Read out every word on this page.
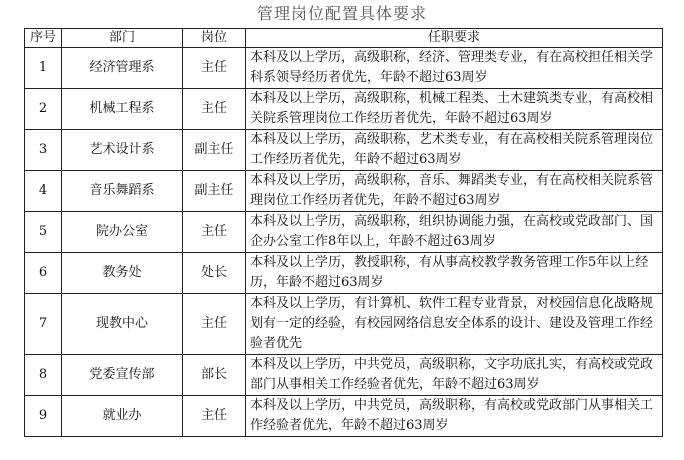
管理岗位配置具体要求
序号	部门	岗位	任职要求
1	经济管理系	主任	本科及以上学历，高级职称，经济、管理类专业，有在高校担任相关学科系领导经历者优先，年龄不超过63周岁
2	机械工程系	主任	本科及以上学历，高级职称，机械工程类、土木建筑类专业，有高校相关院系管理岗位工作经历者优先，年龄不超过63周岁
3	艺术设计系	副主任	本科及以上学历，高级职称，艺术类专业，有在高校相关院系管理岗位工作经历者优先，年龄不超过63周岁
4	音乐舞蹈系	副主任	本科及以上学历，高级职称，音乐、舞蹈类专业，有在高校相关院系管理岗位工作经历者优先，年龄不超过63周岁
5	院办公室	主任	本科及以上学历，高级职称，组织协调能力强，在高校或党政部门、国企办公室工作8年以上，年龄不超过63周岁
6	教务处	处长	本科及以上学历，教授职称，有从事高校教学教务管理工作5年以上经历，年龄不超过63周岁
7	现教中心	主任	本科及以上学历，有计算机、软件工程专业背景，对校园信息化战略规划有一定的经验，有校园网络信息安全体系的设计、建设及管理工作经验者优先
8	党委宣传部	部长	本科及以上学历，中共党员，高级职称，文字功底扎实，有高校或党政部门从事相关工作经验者优先，年龄不超过63周岁
9	就业办	主任	本科及以上学历，中共党员，高级职称，有高校或党政部门从事相关工作经验者优先，年龄不超过63周岁
